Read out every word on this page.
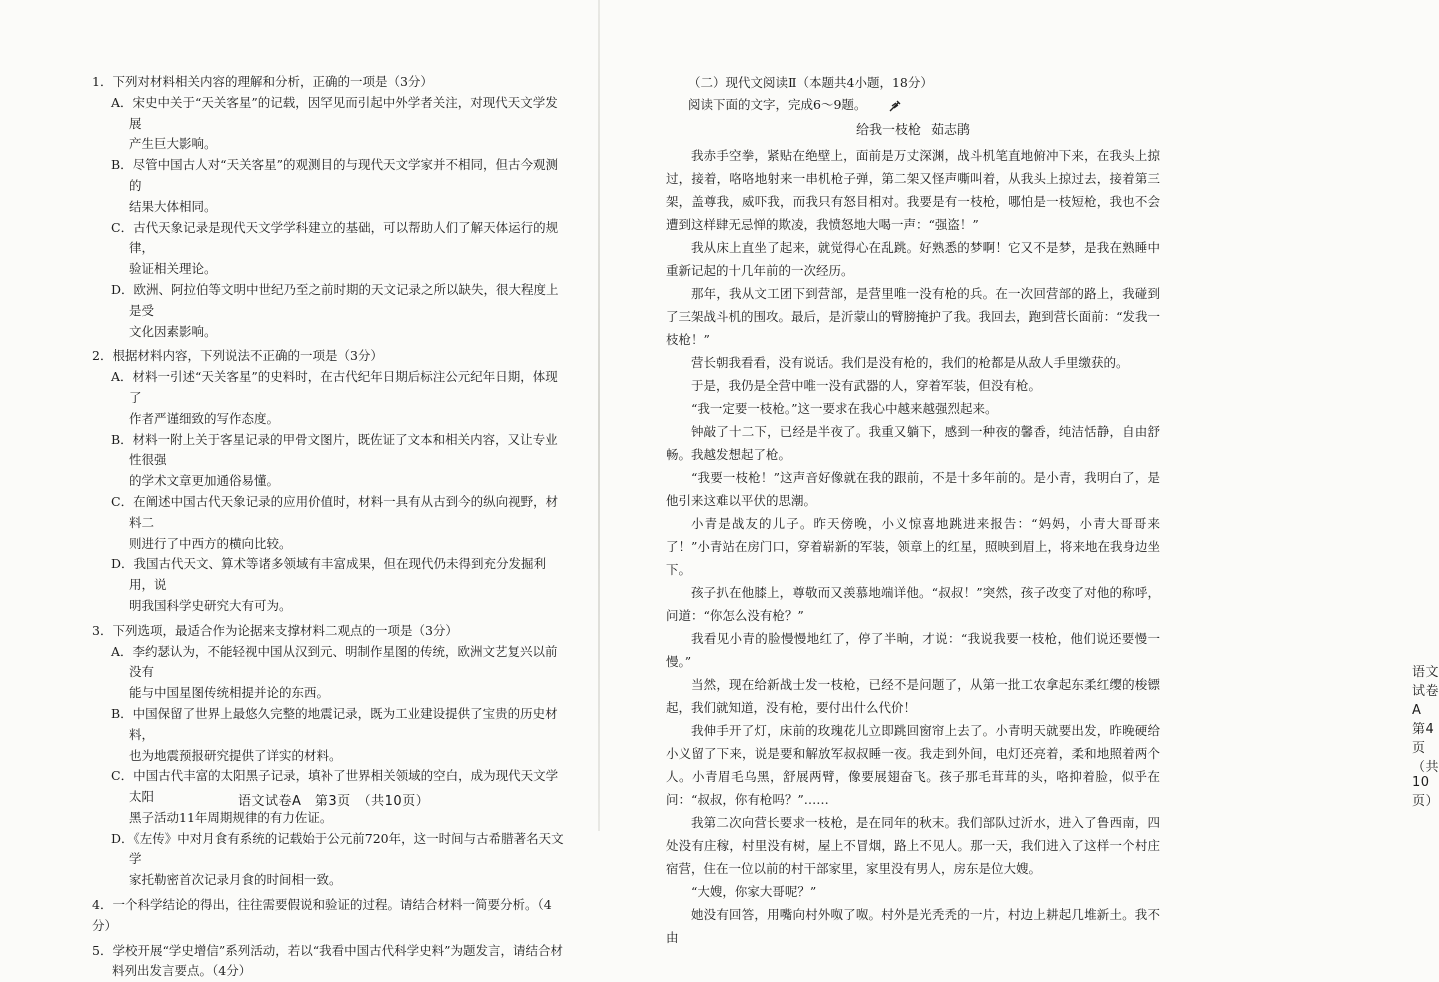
1．下列对材料相关内容的理解和分析，正确的一项是（3分）
A．宋史中关于“天关客星”的记载，因罕见而引起中外学者关注，对现代天文学发展
产生巨大影响。
B．尽管中国古人对“天关客星”的观测目的与现代天文学家并不相同，但古今观测的
结果大体相同。
C．古代天象记录是现代天文学学科建立的基础，可以帮助人们了解天体运行的规律，
验证相关理论。
D．欧洲、阿拉伯等文明中世纪乃至之前时期的天文记录之所以缺失，很大程度上是受
文化因素影响。
2．根据材料内容，下列说法不正确的一项是（3分）
A．材料一引述“天关客星”的史料时，在古代纪年日期后标注公元纪年日期，体现了
作者严谨细致的写作态度。
B．材料一附上关于客星记录的甲骨文图片，既佐证了文本和相关内容，又让专业性很强
的学术文章更加通俗易懂。
C．在阐述中国古代天象记录的应用价值时，材料一具有从古到今的纵向视野，材料二
则进行了中西方的横向比较。
D．我国古代天文、算术等诸多领域有丰富成果，但在现代仍未得到充分发掘利用，说
明我国科学史研究大有可为。
3．下列选项，最适合作为论据来支撑材料二观点的一项是（3分）
A．李约瑟认为，不能轻视中国从汉到元、明制作星图的传统，欧洲文艺复兴以前没有
能与中国星图传统相提并论的东西。
B．中国保留了世界上最悠久完整的地震记录，既为工业建设提供了宝贵的历史材料，
也为地震预报研究提供了详实的材料。
C．中国古代丰富的太阳黑子记录，填补了世界相关领域的空白，成为现代天文学太阳
黑子活动11年周期规律的有力佐证。
D．《左传》中对月食有系统的记载始于公元前720年，这一时间与古希腊著名天文学
家托勒密首次记录月食的时间相一致。
4．一个科学结论的得出，往往需要假说和验证的过程。请结合材料一简要分析。（4分）
5．学校开展“学史增信”系列活动，若以“我看中国古代科学史料”为题发言，请结合材
料列出发言要点。（4分）
语文试卷A　第3页　（共10页）
（二）现代文阅读Ⅱ（本题共4小题，18分）
阅读下面的文字，完成6～9题。
给我一枝枪 茹志鹃
我赤手空拳，紧贴在绝壁上，面前是万丈深渊，战斗机笔直地俯冲下来，在我头上掠过，接着，咯咯地射来一串机枪子弹，第二架又怪声嘶叫着，从我头上掠过去，接着第三架，盖尊我，威吓我，而我只有怒目相对。我要是有一枝枪，哪怕是一枝短枪，我也不会遭到这样肆无忌惮的欺凌，我愤怒地大喝一声：“强盗！”
我从床上直坐了起来，就觉得心在乱跳。好熟悉的梦啊！它又不是梦，是我在熟睡中重新记起的十几年前的一次经历。
那年，我从文工团下到营部，是营里唯一没有枪的兵。在一次回营部的路上，我碰到了三架战斗机的围攻。最后，是沂蒙山的臂膀掩护了我。我回去，跑到营长面前：“发我一枝枪！”
营长朝我看看，没有说话。我们是没有枪的，我们的枪都是从敌人手里缴获的。
于是，我仍是全营中唯一没有武器的人，穿着军装，但没有枪。
“我一定要一枝枪。”这一要求在我心中越来越强烈起来。
钟敲了十二下，已经是半夜了。我重又躺下，感到一种夜的馨香，纯洁恬静，自由舒畅。我越发想起了枪。
“我要一枝枪！”这声音好像就在我的跟前，不是十多年前的。是小青，我明白了，是他引来这难以平伏的思潮。
小青是战友的儿子。昨天傍晚，小义惊喜地跳进来报告：“妈妈，小青大哥哥来了！”小青站在房门口，穿着崭新的军装，领章上的红星，照映到眉上，将来地在我身边坐下。
孩子扒在他膝上，尊敬而又羡慕地端详他。“叔叔！”突然，孩子改变了对他的称呼，问道：“你怎么没有枪？”
我看见小青的脸慢慢地红了，停了半晌，才说：“我说我要一枝枪，他们说还要慢一慢。”
当然，现在给新战士发一枝枪，已经不是问题了，从第一批工农拿起东柔红缨的梭镖起，我们就知道，没有枪，要付出什么代价！
我伸手开了灯，床前的玫瑰花儿立即跳回窗帘上去了。小青明天就要出发，昨晚硬给小义留了下来，说是要和解放军叔叔睡一夜。我走到外间，电灯还亮着，柔和地照着两个人。小青眉毛乌黑，舒展两臂，像要展翅奋飞。孩子那毛茸茸的头，咯抑着脸，似乎在问：“叔叔，你有枪吗？”……
我第二次向营长要求一枝枪，是在同年的秋末。我们部队过沂水，进入了鲁西南，四处没有庄稼，村里没有树，屋上不冒烟，路上不见人。那一天，我们进入了这样一个村庄宿营，住在一位以前的村干部家里，家里没有男人，房东是位大嫂。
“大嫂，你家大哥呢？”
她没有回答，用嘴向村外呶了呶。村外是光秃秃的一片，村边上耕起几堆新土。我不由
语文试卷A　第4页　（共10页）
